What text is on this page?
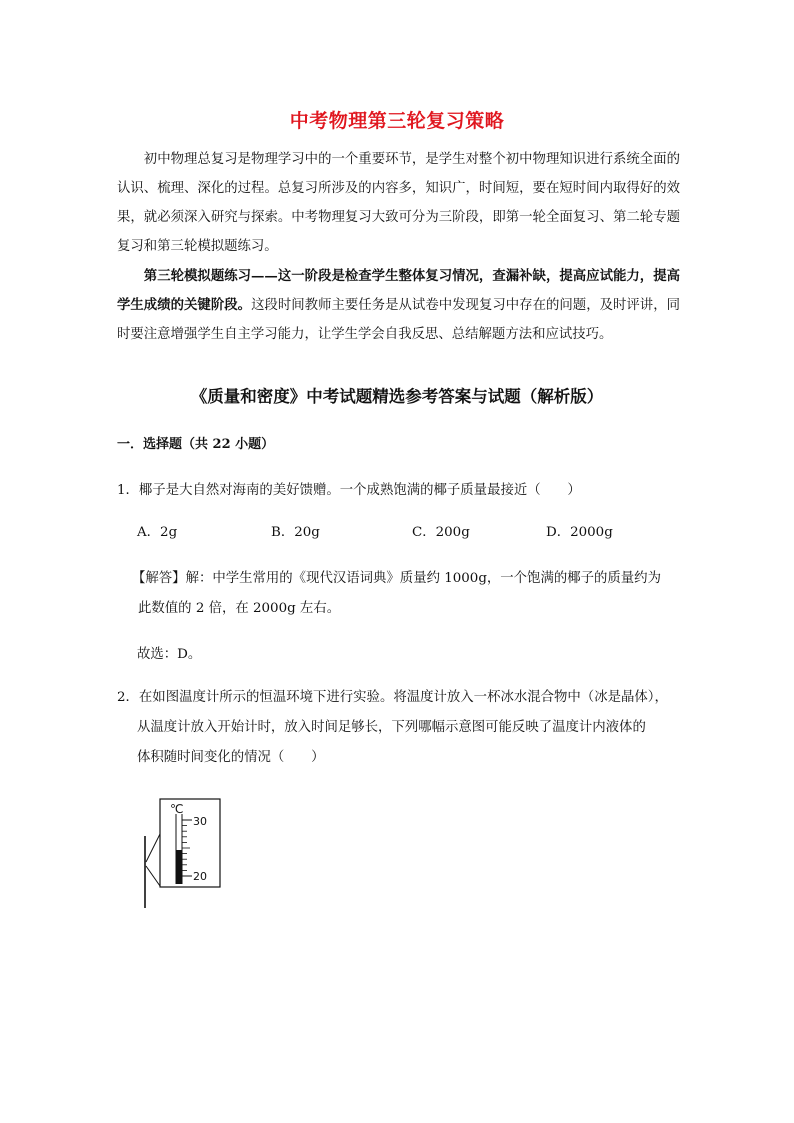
中考物理第三轮复习策略

初中物理总复习是物理学习中的一个重要环节，是学生对整个初中物理知识进行系统全面的认识、梳理、深化的过程。总复习所涉及的内容多，知识广，时间短，要在短时间内取得好的效果，就必须深入研究与探索。中考物理复习大致可分为三阶段，即第一轮全面复习、第二轮专题复习和第三轮模拟题练习。

第三轮模拟题练习——这一阶段是检查学生整体复习情况，查漏补缺，提高应试能力，提高学生成绩的关键阶段。这段时间教师主要任务是从试卷中发现复习中存在的问题，及时评讲，同时要注意增强学生自主学习能力，让学生学会自我反思、总结解题方法和应试技巧。

《质量和密度》中考试题精选参考答案与试题（解析版）
一．选择题（共 22 小题）

1．椰子是大自然对海南的美好馈赠。一个成熟饱满的椰子质量最接近（　　）

A．2g	B．20g	C．200g	D．2000g

【解答】解：中学生常用的《现代汉语词典》质量约 1000g，一个饱满的椰子的质量约为
此数值的 2 倍，在 2000g 左右。

故选：D。

2．在如图温度计所示的恒温环境下进行实验。将温度计放入一杯冰水混合物中（冰是晶体），
从温度计放入开始计时，放入时间足够长，下列哪幅示意图可能反映了温度计内液体的
体积随时间变化的情况（　　）

℃
30
20
